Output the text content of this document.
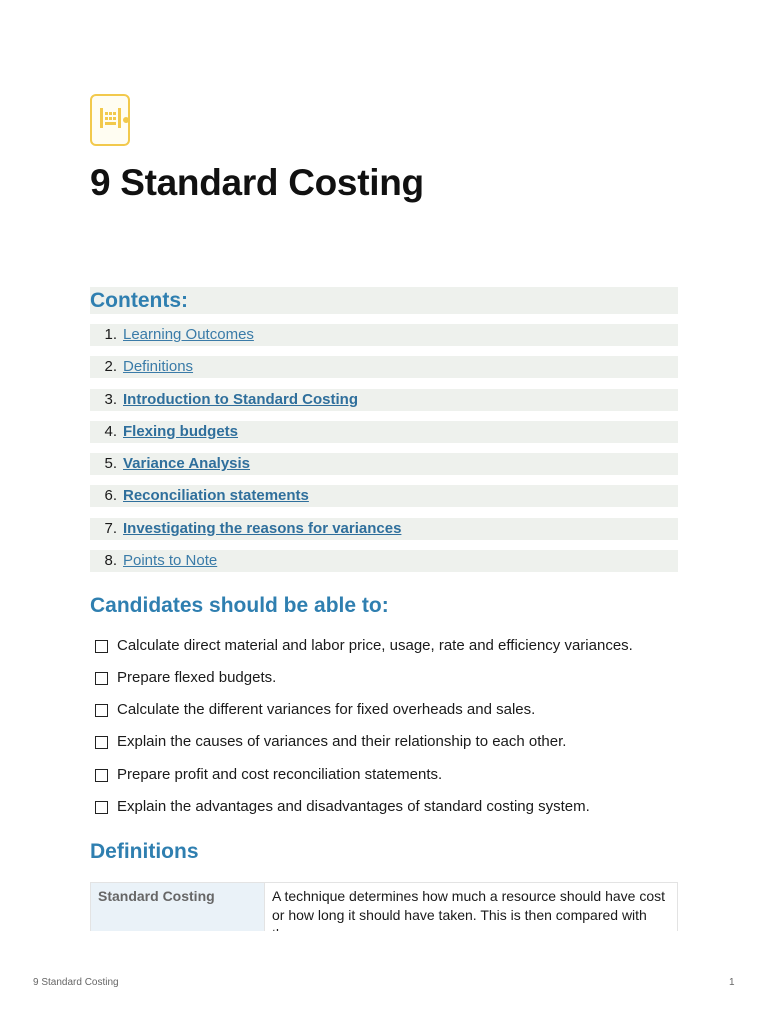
9 Standard Costing
Contents:
1. Learning Outcomes
2. Definitions
3. Introduction to Standard Costing
4. Flexing budgets
5. Variance Analysis
6. Reconciliation statements
7. Investigating the reasons for variances
8. Points to Note
Candidates should be able to:
Calculate direct material and labor price, usage, rate and efficiency variances.
Prepare flexed budgets.
Calculate the different variances for fixed overheads and sales.
Explain the causes of variances and their relationship to each other.
Prepare profit and cost reconciliation statements.
Explain the advantages and disadvantages of standard costing system.
Definitions
Standard Costing	A technique determines how much a resource should have cost or how long it should have taken. This is then compared with
9 Standard Costing	1
